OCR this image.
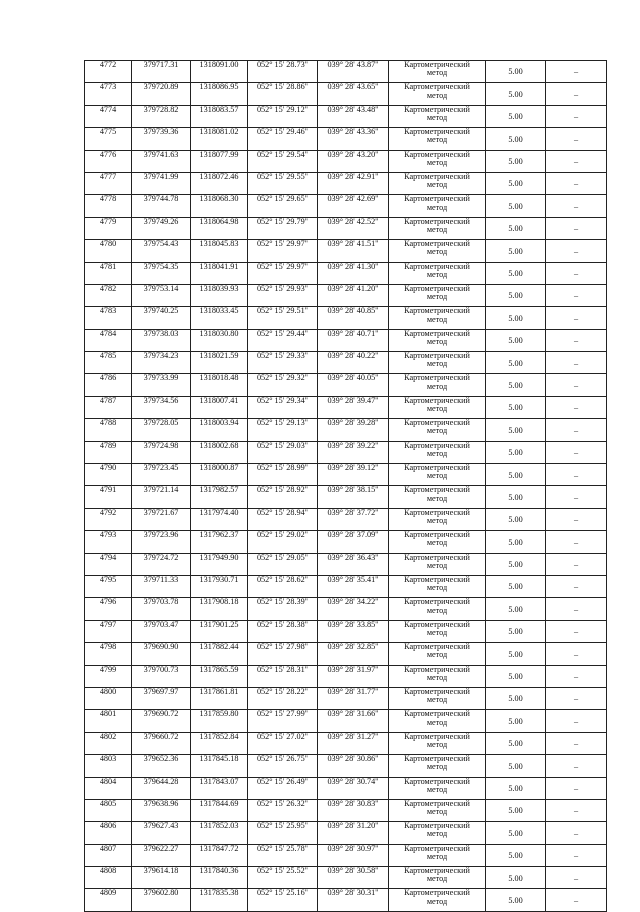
4772	379717.31	1318091.00	052° 15' 28.73"	039° 28' 43.87"	Картометрический
метод	5.00	–
4773	379720.89	1318086.95	052° 15' 28.86"	039° 28' 43.65"	Картометрический
метод	5.00	–
4774	379728.82	1318083.57	052° 15' 29.12"	039° 28' 43.48"	Картометрический
метод	5.00	–
4775	379739.36	1318081.02	052° 15' 29.46"	039° 28' 43.36"	Картометрический
метод	5.00	–
4776	379741.63	1318077.99	052° 15' 29.54"	039° 28' 43.20"	Картометрический
метод	5.00	–
4777	379741.99	1318072.46	052° 15' 29.55"	039° 28' 42.91"	Картометрический
метод	5.00	–
4778	379744.78	1318068.30	052° 15' 29.65"	039° 28' 42.69"	Картометрический
метод	5.00	–
4779	379749.26	1318064.98	052° 15' 29.79"	039° 28' 42.52"	Картометрический
метод	5.00	–
4780	379754.43	1318045.83	052° 15' 29.97"	039° 28' 41.51"	Картометрический
метод	5.00	–
4781	379754.35	1318041.91	052° 15' 29.97"	039° 28' 41.30"	Картометрический
метод	5.00	–
4782	379753.14	1318039.93	052° 15' 29.93"	039° 28' 41.20"	Картометрический
метод	5.00	–
4783	379740.25	1318033.45	052° 15' 29.51"	039° 28' 40.85"	Картометрический
метод	5.00	–
4784	379738.03	1318030.80	052° 15' 29.44"	039° 28' 40.71"	Картометрический
метод	5.00	–
4785	379734.23	1318021.59	052° 15' 29.33"	039° 28' 40.22"	Картометрический
метод	5.00	–
4786	379733.99	1318018.48	052° 15' 29.32"	039° 28' 40.05"	Картометрический
метод	5.00	–
4787	379734.56	1318007.41	052° 15' 29.34"	039° 28' 39.47"	Картометрический
метод	5.00	–
4788	379728.05	1318003.94	052° 15' 29.13"	039° 28' 39.28"	Картометрический
метод	5.00	–
4789	379724.98	1318002.68	052° 15' 29.03"	039° 28' 39.22"	Картометрический
метод	5.00	–
4790	379723.45	1318000.87	052° 15' 28.99"	039° 28' 39.12"	Картометрический
метод	5.00	–
4791	379721.14	1317982.57	052° 15' 28.92"	039° 28' 38.15"	Картометрический
метод	5.00	–
4792	379721.67	1317974.40	052° 15' 28.94"	039° 28' 37.72"	Картометрический
метод	5.00	–
4793	379723.96	1317962.37	052° 15' 29.02"	039° 28' 37.09"	Картометрический
метод	5.00	–
4794	379724.72	1317949.90	052° 15' 29.05"	039° 28' 36.43"	Картометрический
метод	5.00	–
4795	379711.33	1317930.71	052° 15' 28.62"	039° 28' 35.41"	Картометрический
метод	5.00	–
4796	379703.78	1317908.18	052° 15' 28.39"	039° 28' 34.22"	Картометрический
метод	5.00	–
4797	379703.47	1317901.25	052° 15' 28.38"	039° 28' 33.85"	Картометрический
метод	5.00	–
4798	379690.90	1317882.44	052° 15' 27.98"	039° 28' 32.85"	Картометрический
метод	5.00	–
4799	379700.73	1317865.59	052° 15' 28.31"	039° 28' 31.97"	Картометрический
метод	5.00	–
4800	379697.97	1317861.81	052° 15' 28.22"	039° 28' 31.77"	Картометрический
метод	5.00	–
4801	379690.72	1317859.80	052° 15' 27.99"	039° 28' 31.66"	Картометрический
метод	5.00	–
4802	379660.72	1317852.84	052° 15' 27.02"	039° 28' 31.27"	Картометрический
метод	5.00	–
4803	379652.36	1317845.18	052° 15' 26.75"	039° 28' 30.86"	Картометрический
метод	5.00	–
4804	379644.28	1317843.07	052° 15' 26.49"	039° 28' 30.74"	Картометрический
метод	5.00	–
4805	379638.96	1317844.69	052° 15' 26.32"	039° 28' 30.83"	Картометрический
метод	5.00	–
4806	379627.43	1317852.03	052° 15' 25.95"	039° 28' 31.20"	Картометрический
метод	5.00	–
4807	379622.27	1317847.72	052° 15' 25.78"	039° 28' 30.97"	Картометрический
метод	5.00	–
4808	379614.18	1317840.36	052° 15' 25.52"	039° 28' 30.58"	Картометрический
метод	5.00	–
4809	379602.80	1317835.38	052° 15' 25.16"	039° 28' 30.31"	Картометрический
метод	5.00	–
